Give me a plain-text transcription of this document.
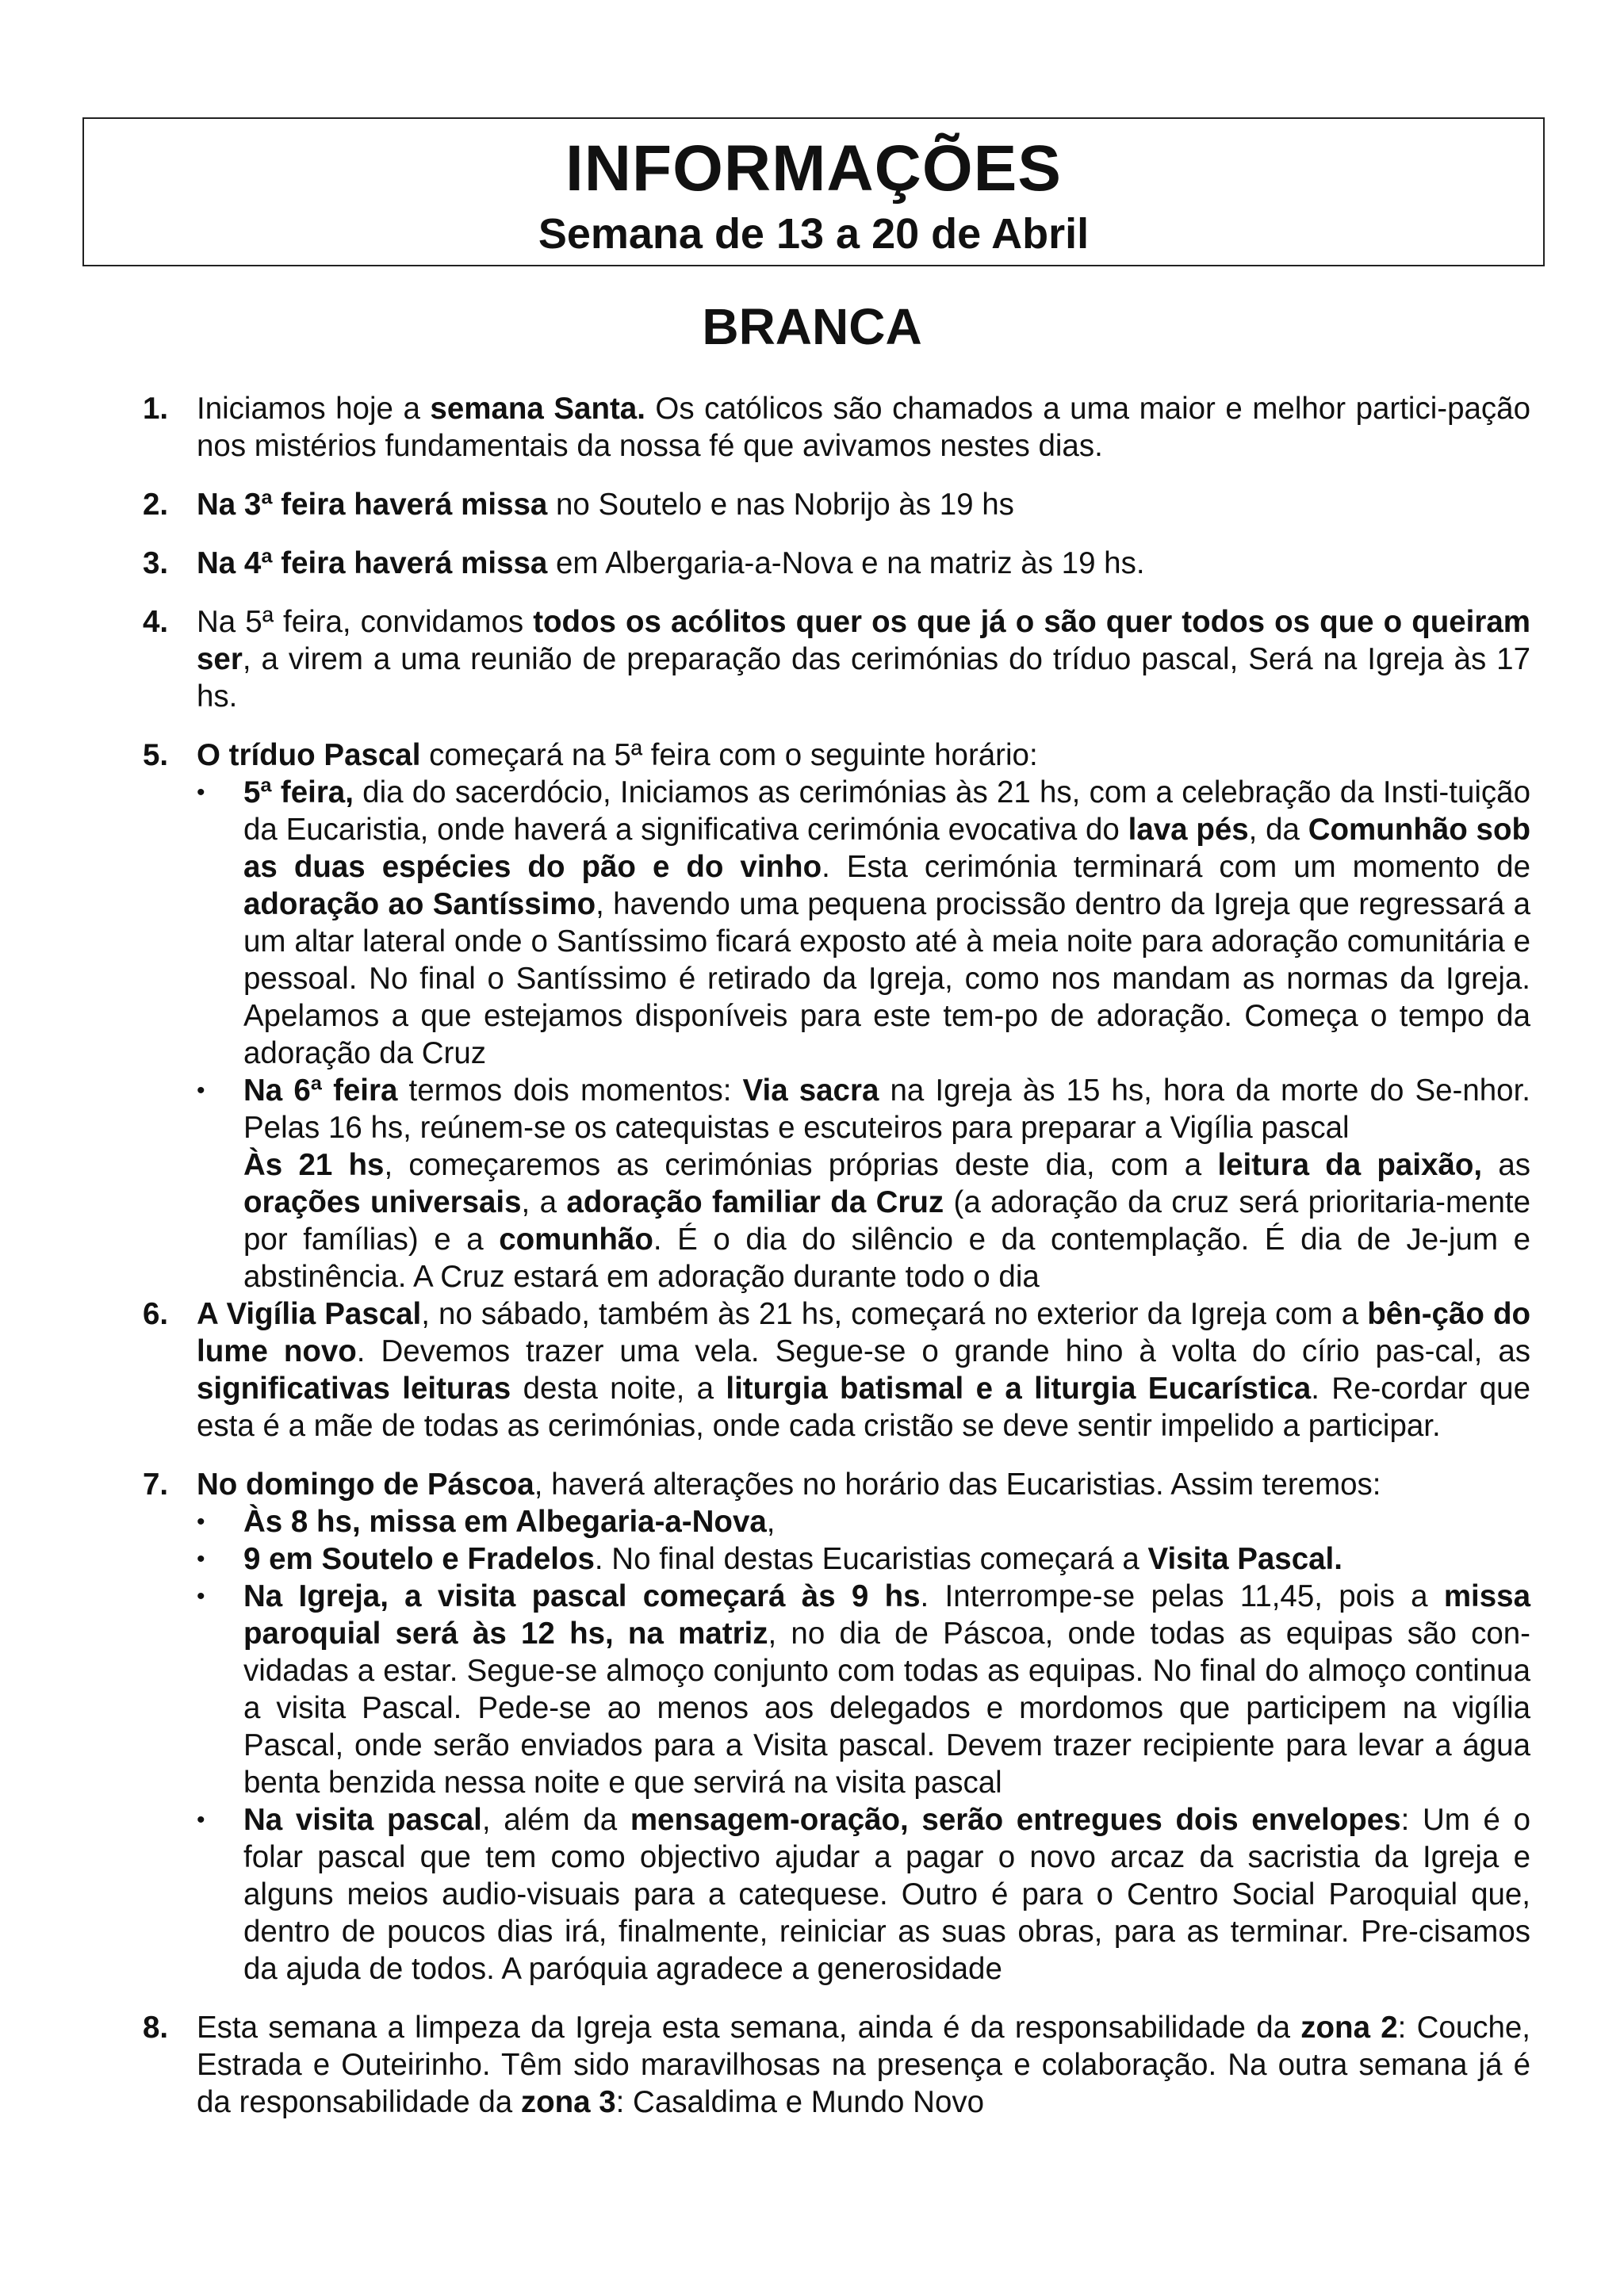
INFORMAÇÕES
Semana de 13 a 20 de Abril
BRANCA
1. Iniciamos hoje a semana Santa. Os católicos são chamados a uma maior e melhor partici-pação nos mistérios fundamentais da nossa fé que avivamos nestes dias.
2. Na 3ª feira haverá missa no Soutelo e nas Nobrijo às 19 hs
3. Na 4ª feira haverá missa em Albergaria-a-Nova e na matriz às 19 hs.
4. Na 5ª feira, convidamos todos os acólitos quer os que já o são quer todos os que o queiram ser, a virem a uma reunião de preparação das cerimónias do tríduo pascal, Será na Igreja às 17 hs.
5. O tríduo Pascal começará na 5ª feira com o seguinte horário:
• 5ª feira, dia do sacerdócio, Iniciamos as cerimónias às 21 hs, com a celebração da Insti-tuição da Eucaristia, onde haverá a significativa cerimónia evocativa do lava pés, da Comunhão sob as duas espécies do pão e do vinho. Esta cerimónia terminará com um momento de adoração ao Santíssimo, havendo uma pequena procissão dentro da Igreja que regressará a um altar lateral onde o Santíssimo ficará exposto até à meia noite para adoração comunitária e pessoal. No final o Santíssimo é retirado da Igreja, como nos mandam as normas da Igreja. Apelamos a que estejamos disponíveis para este tem-po de adoração. Começa o tempo da adoração da Cruz
• Na 6ª feira termos dois momentos: Via sacra na Igreja às 15 hs, hora da morte do Se-nhor. Pelas 16 hs, reúnem-se os catequistas e escuteiros para preparar a Vigília pascal
Às 21 hs, começaremos as cerimónias próprias deste dia, com a leitura da paixão, as orações universais, a adoração familiar da Cruz (a adoração da cruz será prioritaria-mente por famílias) e a comunhão. É o dia do silêncio e da contemplação. É dia de Je-jum e abstinência. A Cruz estará em adoração durante todo o dia
6. A Vigília Pascal, no sábado, também às 21 hs, começará no exterior da Igreja com a bên-ção do lume novo. Devemos trazer uma vela. Segue-se o grande hino à volta do círio pas-cal, as significativas leituras desta noite, a liturgia batismal e a liturgia Eucarística. Re-cordar que esta é a mãe de todas as cerimónias, onde cada cristão se deve sentir impelido a participar.
7. No domingo de Páscoa, haverá alterações no horário das Eucaristias. Assim teremos:
• Às 8 hs, missa em Albegaria-a-Nova,
• 9 em Soutelo e Fradelos. No final destas Eucaristias começará a Visita Pascal.
• Na Igreja, a visita pascal começará às 9 hs. Interrompe-se pelas 11,45, pois a missa paroquial será às 12 hs, na matriz, no dia de Páscoa, onde todas as equipas são con-vidadas a estar. Segue-se almoço conjunto com todas as equipas. No final do almoço continua a visita Pascal. Pede-se ao menos aos delegados e mordomos que participem na vigília Pascal, onde serão enviados para a Visita pascal. Devem trazer recipiente para levar a água benta benzida nessa noite e que servirá na visita pascal
• Na visita pascal, além da mensagem-oração, serão entregues dois envelopes: Um é o folar pascal que tem como objectivo ajudar a pagar o novo arcaz da sacristia da Igreja e alguns meios audio-visuais para a catequese. Outro é para o Centro Social Paroquial que, dentro de poucos dias irá, finalmente, reiniciar as suas obras, para as terminar. Pre-cisamos da ajuda de todos. A paróquia agradece a generosidade
8. Esta semana a limpeza da Igreja esta semana, ainda é da responsabilidade da zona 2: Couche, Estrada e Outeirinho. Têm sido maravilhosas na presença e colaboração. Na outra semana já é da responsabilidade da zona 3: Casaldima e Mundo Novo
